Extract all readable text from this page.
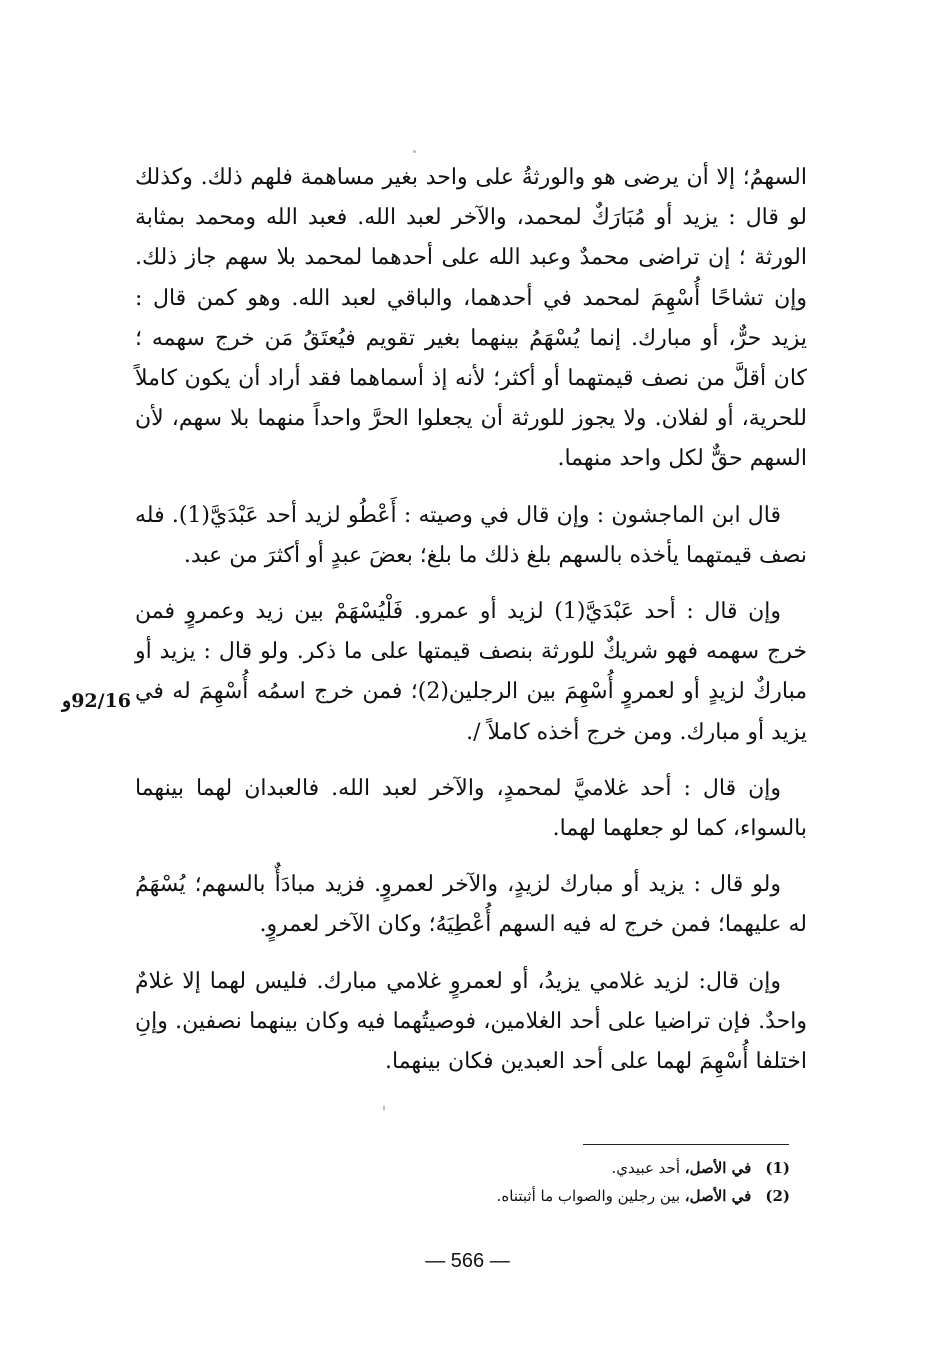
السهمُ؛ إلا أن يرضى هو والورثةُ على واحد بغير مساهمة فلهم ذلك. وكذلك لو قال : يزيد أو مُبَارَكٌ لمحمد، والآخر لعبد الله. فعبد الله ومحمد بمثابة الورثة ؛ إن تراضى محمدٌ وعبد الله على أحدهما لمحمد بلا سهم جاز ذلك. وإن تشاحًا أُسْهِمَ لمحمد في أحدهما، والباقي لعبد الله. وهو كمن قال : يزيد حرٌّ، أو مبارك. إنما يُسْهَمُ بينهما بغير تقويم فيُعتَقُ مَن خرج سهمه ؛ كان أقلَّ من نصف قيمتهما أو أكثر؛ لأنه إذ أسماهما فقد أراد أن يكون كاملاً للحرية، أو لفلان. ولا يجوز للورثة أن يجعلوا الحرَّ واحداً منهما بلا سهم، لأن السهم حقٌّ لكل واحد منهما.

قال ابن الماجشون : وإن قال في وصيته : أَعْطُو لزيد أحد عَبْدَيَّ(1). فله نصف قيمتهما يأخذه بالسهم بلغ ذلك ما بلغ؛ بعضَ عبدٍ أو أكثرَ من عبد.

وإن قال : أحد عَبْدَيَّ(1) لزيد أو عمرو. فَلْيُسْهَمْ بين زيد وعمروٍ فمن خرج سهمه فهو شريكٌ للورثة بنصف قيمتها على ما ذكر. ولو قال : يزيد أو مباركٌ لزيدٍ أو لعمروٍ أُسْهِمَ بين الرجلين(2)؛ فمن خرج اسمُه أُسْهِمَ له في يزيد أو مبارك. ومن خرج أخذه كاملاً /.

وإن قال : أحد غلاميَّ لمحمدٍ، والآخر لعبد الله. فالعبدان لهما بينهما بالسواء، كما لو جعلهما لهما.

ولو قال : يزيد أو مبارك لزيدٍ، والآخر لعمروٍ. فزيد مبادَأٌ بالسهم؛ يُسْهَمُ له عليهما؛ فمن خرج له فيه السهم أُعْطِيَهُ؛ وكان الآخر لعمروٍ.

وإن قال: لزيد غلامي يزيدُ، أو لعمروٍ غلامي مبارك. فليس لهما إلا غلامٌ واحدٌ. فإن تراضيا على أحد الغلامين، فوصيتُهما فيه وكان بينهما نصفين. وإنِ اختلفا أُسْهِمَ لهما على أحد العبدين فكان بينهما.

92/16و
(1)
في الأصل، أحد عبيدي.
(2)
في الأصل، بين رجلين والصواب ما أثبتناه.
— 566 —
